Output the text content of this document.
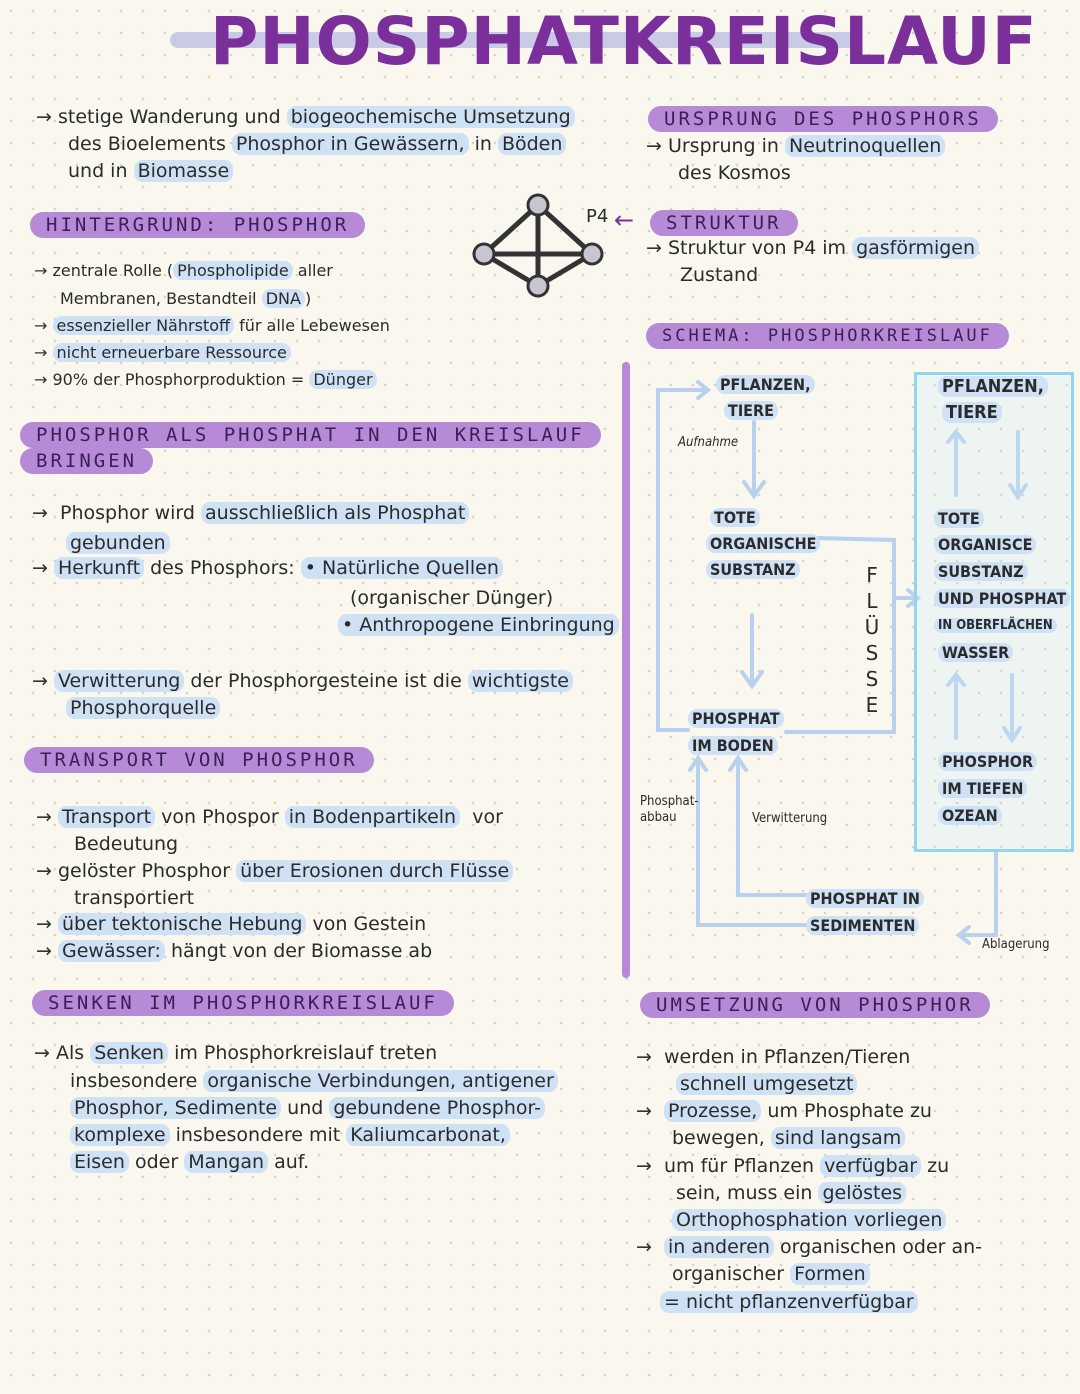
PHOSPHATKREISLAUF
→ stetige Wanderung und biogeochemische Umsetzung
des Bioelements Phosphor in Gewässern, in Böden
und in Biomasse
URSPRUNG DES PHOSPHORS
→ Ursprung in Neutrinoquellen
des Kosmos
HINTERGRUND: PHOSPHOR
→ zentrale Rolle ( Phospholipide aller
Membranen, Bestandteil DNA )
→ essenzieller Nährstoff für alle Lebewesen
→ nicht erneuerbare Ressource
→ 90% der Phosphorproduktion = Dünger
P4 ←	STRUKTUR
→ Struktur von P4 im gasförmigen
Zustand
SCHEMA: PHOSPHORKREISLAUF
PHOSPHOR ALS PHOSPHAT IN DEN KREISLAUF
BRINGEN
→ Phosphor wird ausschließlich als Phosphat
gebunden
→ Herkunft des Phosphors: • Natürliche Quellen
(organischer Dünger)
• Anthropogene Einbringung
→ Verwitterung der Phosphorgesteine ist die wichtigste
Phosphorquelle
TRANSPORT VON PHOSPHOR
→ Transport von Phospor in Bodenpartikeln vor
Bedeutung
→ gelöster Phosphor über Erosionen durch Flüsse
transportiert
→ über tektonische Hebung von Gestein
→ Gewässer: hängt von der Biomasse ab
SENKEN IM PHOSPHORKREISLAUF
→ Als Senken im Phosphorkreislauf treten
insbesondere organische Verbindungen, antigener
Phosphor, Sedimente und gebundene Phosphor-
komplexe insbesondere mit Kaliumcarbonat,
Eisen oder Mangan auf.
PFLANZEN,
TIERE
Aufnahme
TOTE
ORGANISCHE
SUBSTANZ	F
L
Ü
S
S
E
PHOSPHAT
IM BODEN
Phosphat-
abbau	Verwitterung
PHOSPHAT IN
SEDIMENTEN
Ablagerung
PFLANZEN,
TIERE
TOTE
ORGANISCE
SUBSTANZ
UND PHOSPHAT
IN OBERFLÄCHEN
WASSER
PHOSPHOR
IM TIEFEN
OZEAN
UMSETZUNG VON PHOSPHOR
→ werden in Pflanzen/Tieren
schnell umgesetzt
→ Prozesse, um Phosphate zu
bewegen, sind langsam
→ um für Pflanzen verfügbar zu
sein, muss ein gelöstes
Orthophosphation vorliegen
→ in anderen organischen oder an-
organischer Formen
= nicht pflanzenverfügbar
